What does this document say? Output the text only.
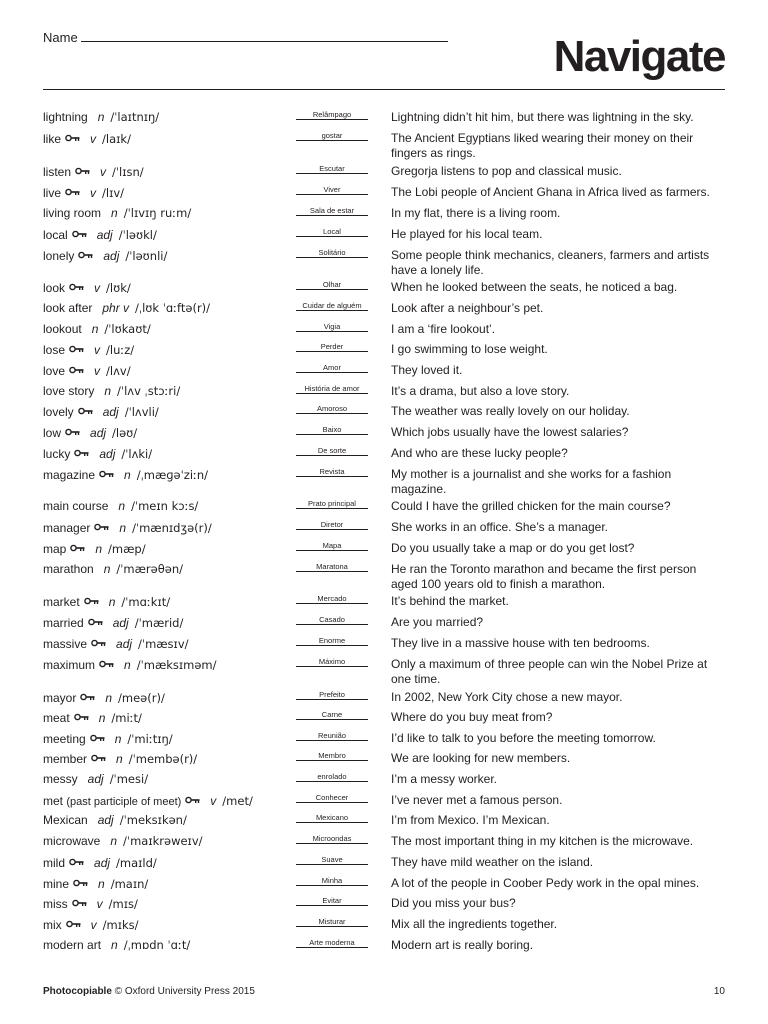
Name	Navigate
lightning n /ˈlaɪtnɪŋ/	Relâmpago	Lightning didn’t hit him, but there was lightning in the sky.
like v /laɪk/	gostar	The Ancient Egyptians liked wearing their money on their fingers as rings.
listen v /ˈlɪsn/	Escutar	Gregorja listens to pop and classical music.
live v /lɪv/	Viver	The Lobi people of Ancient Ghana in Africa lived as farmers.
living room n /ˈlɪvɪŋ ruːm/	Sala de estar	In my flat, there is a living room.
local adj /ˈləʊkl/	Local	He played for his local team.
lonely adj /ˈləʊnli/	Solitário	Some people think mechanics, cleaners, farmers and artists have a lonely life.
look v /lʊk/	Olhar	When he looked between the seats, he noticed a bag.
look after phr v /ˌlʊk ˈɑːftə(r)/	Cuidar de alguém	Look after a neighbour’s pet.
lookout n /ˈlʊkaʊt/	Vigia	I am a ‘fire lookout’.
lose v /luːz/	Perder	I go swimming to lose weight.
love v /lʌv/	Amor	They loved it.
love story n /ˈlʌv ˌstɔːri/	História de amor	It’s a drama, but also a love story.
lovely adj /ˈlʌvli/	Amoroso	The weather was really lovely on our holiday.
low adj /ləʊ/	Baixo	Which jobs usually have the lowest salaries?
lucky adj /ˈlʌki/	De sorte	And who are these lucky people?
magazine n /ˌmæɡəˈziːn/	Revista	My mother is a journalist and she works for a fashion magazine.
main course n /ˈmeɪn kɔːs/	Prato principal	Could I have the grilled chicken for the main course?
manager n /ˈmænɪdʒə(r)/	Diretor	She works in an office. She’s a manager.
map n /mæp/	Mapa	Do you usually take a map or do you get lost?
marathon n /ˈmærəθən/	Maratona	He ran the Toronto marathon and became the first person aged 100 years old to finish a marathon.
market n /ˈmɑːkɪt/	Mercado	It’s behind the market.
married adj /ˈmærid/	Casado	Are you married?
massive adj /ˈmæsɪv/	Enorme	They live in a massive house with ten bedrooms.
maximum n /ˈmæksɪməm/	Máximo	Only a maximum of three people can win the Nobel Prize at one time.
mayor n /meə(r)/	Prefeito	In 2002, New York City chose a new mayor.
meat n /miːt/	Carne	Where do you buy meat from?
meeting n /ˈmiːtɪŋ/	Reunião	I’d like to talk to you before the meeting tomorrow.
member n /ˈmembə(r)/	Membro	We are looking for new members.
messy adj /ˈmesi/	enrolado	I’m a messy worker.
met (past participle of meet) v /met/	Conhecer	I’ve never met a famous person.
Mexican adj /ˈmeksɪkən/	Mexicano	I’m from Mexico. I’m Mexican.
microwave n /ˈmaɪkrəweɪv/	Microondas	The most important thing in my kitchen is the microwave.
mild adj /maɪld/	Suave	They have mild weather on the island.
mine n /maɪn/	Minha	A lot of the people in Coober Pedy work in the opal mines.
miss v /mɪs/	Evitar	Did you miss your bus?
mix v /mɪks/	Misturar	Mix all the ingredients together.
modern art n /ˌmɒdn ˈɑːt/	Arte moderna	Modern art is really boring.
Photocopiable © Oxford University Press 2015	10
